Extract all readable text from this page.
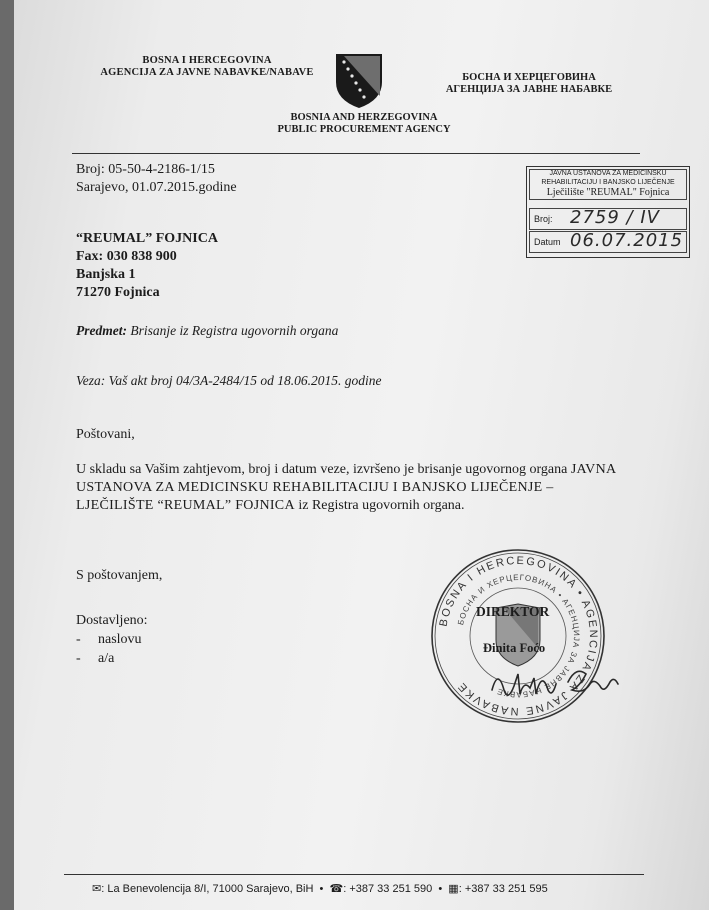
BOSNA I HERCEGOVINA
AGENCIJA ZA JAVNE NABAVKE/NABAVE	БОСНА И ХЕРЦЕГОВИНА
АГЕНЦИЈА ЗА ЈАВНЕ НАБАВКЕ
BOSNIA AND HERZEGOVINA
PUBLIC PROCUREMENT AGENCY
Broj: 05-50-4-2186-1/15
Sarajevo, 01.07.2015.godine
JAVNA USTANOVA ZA MEDICINSKU
REHABILITACIJU I BANJSKO LIJEČENJE
Lječilište "REUMAL" Fojnica
Broj: 2759 / IV
Datum 06.07.2015
“REUMAL” FOJNICA
Fax: 030 838 900
Banjska 1
71270 Fojnica
Predmet: Brisanje iz Registra ugovornih organa
Veza: Vaš akt broj 04/3A-2484/15 od 18.06.2015. godine
Poštovani,
U skladu sa Vašim zahtjevom, broj i datum veze, izvršeno je brisanje ugovornog organa JAVNA USTANOVA ZA MEDICINSKU REHABILITACIJU I BANJSKO LIJEČENJE – LJEČILIŠTE “REUMAL” FOJNICA iz Registra ugovornih organa.
S poštovanjem,
Dostavljeno:
- naslovu
- a/a
BOSNA I HERCEGOVINA • AGENCIJA ZA JAVNE NABAVKE
БОСНА И ХЕРЦЕГОВИНА • АГЕНЦИЈА ЗА ЈАВНЕ НАБАВКЕ
DIREKTOR
Đinita Foćo
✉: La Benevolencija 8/I, 71000 Sarajevo, BiH  •  ☎: +387 33 251 590  •  ▦: +387 33 251 595
